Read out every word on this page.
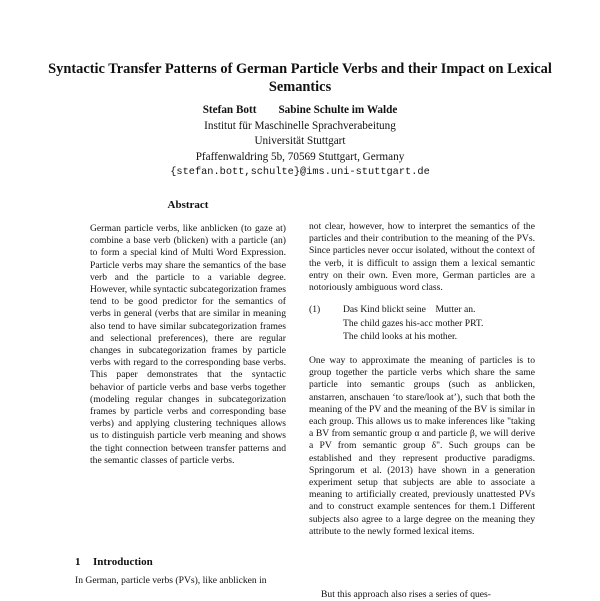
Syntactic Transfer Patterns of German Particle Verbs and their Impact on Lexical Semantics
Stefan Bott Sabine Schulte im Walde
Institut für Maschinelle Sprachverabeitung
Universität Stuttgart
Pfaffenwaldring 5b, 70569 Stuttgart, Germany
{stefan.bott,schulte}@ims.uni-stuttgart.de
Abstract
German particle verbs, like anblicken (to gaze at) combine a base verb (blicken) with a particle (an) to form a special kind of Multi Word Expression. Particle verbs may share the semantics of the base verb and the particle to a variable degree. However, while syntactic subcategorization frames tend to be good predictor for the semantics of verbs in general (verbs that are similar in meaning also tend to have similar subcategorization frames and selectional preferences), there are regular changes in subcategorization frames by particle verbs with regard to the corresponding base verbs. This paper demonstrates that the syntactic behavior of particle verbs and base verbs together (modeling regular changes in subcategorization frames by particle verbs and corresponding base verbs) and applying clustering techniques allows us to distinguish particle verb meaning and shows the tight connection between transfer patterns and the semantic classes of particle verbs.
1 Introduction
In German, particle verbs (PVs), like anblicken in
not clear, however, how to interpret the semantics of the particles and their contribution to the meaning of the PVs. Since particles never occur isolated, without the context of the verb, it is difficult to assign them a lexical semantic entry on their own. Even more, German particles are a notoriously ambiguous word class.
(1) Das Kind blickt seine    Mutter an.
The child gazes his-acc mother PRT.
The child looks at his mother.
One way to approximate the meaning of particles is to group together the particle verbs which share the same particle into semantic groups (such as anblicken, anstarren, anschauen ‘to stare/look at’), such that both the meaning of the PV and the meaning of the BV is similar in each group. This allows us to make inferences like "taking a BV from semantic group α and particle β, we will derive a PV from semantic group δ". Such groups can be established and they represent productive paradigms. Springorum et al. (2013) have shown in a generation experiment setup that subjects are able to associate a meaning to artificially created, previously unattested PVs and to construct example sentences for them.1 Different subjects also agree to a large degree on the meaning they attribute to the newly formed lexical items.
But this approach also rises a series of ques-
